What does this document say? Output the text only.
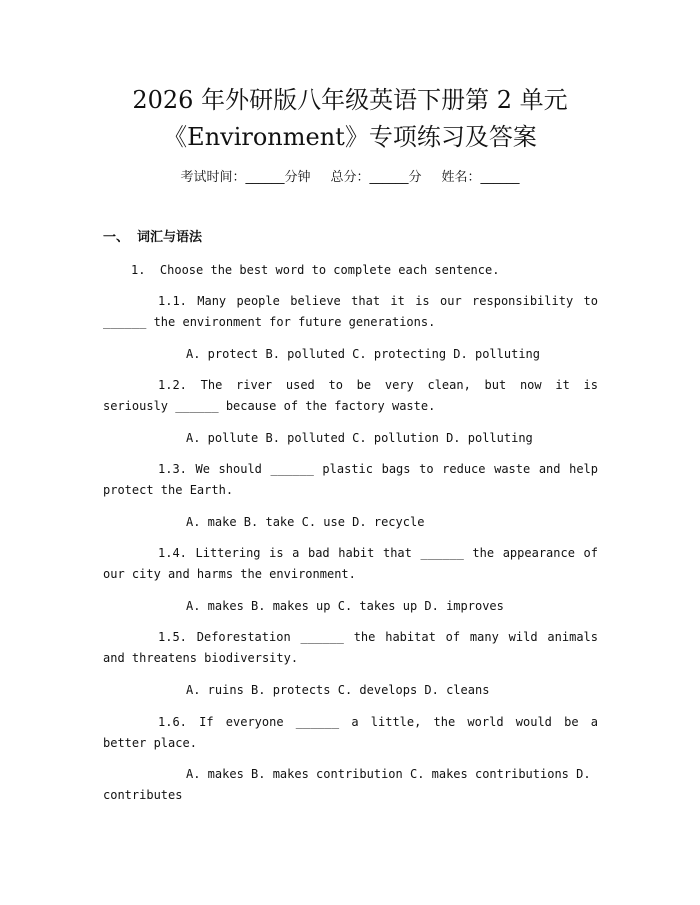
2026 年外研版八年级英语下册第 2 单元
《Environment》专项练习及答案
考试时间：______分钟 总分：______分 姓名：______
一、 词汇与语法
1.  Choose the best word to complete each sentence.
1.1. Many people believe that it is our responsibility to ______ the environment for future generations.
A. protect B. polluted C. protecting D. polluting
1.2. The river used to be very clean, but now it is seriously ______ because of the factory waste.
A. pollute B. polluted C. pollution D. polluting
1.3. We should ______ plastic bags to reduce waste and help protect the Earth.
A. make B. take C. use D. recycle
1.4. Littering is a bad habit that ______ the appearance of our city and harms the environment.
A. makes B. makes up C. takes up D. improves
1.5. Deforestation ______ the habitat of many wild animals and threatens biodiversity.
A. ruins B. protects C. develops D. cleans
1.6. If everyone ______ a little, the world would be a better place.
A. makes B. makes contribution C. makes contributions D. contributes
